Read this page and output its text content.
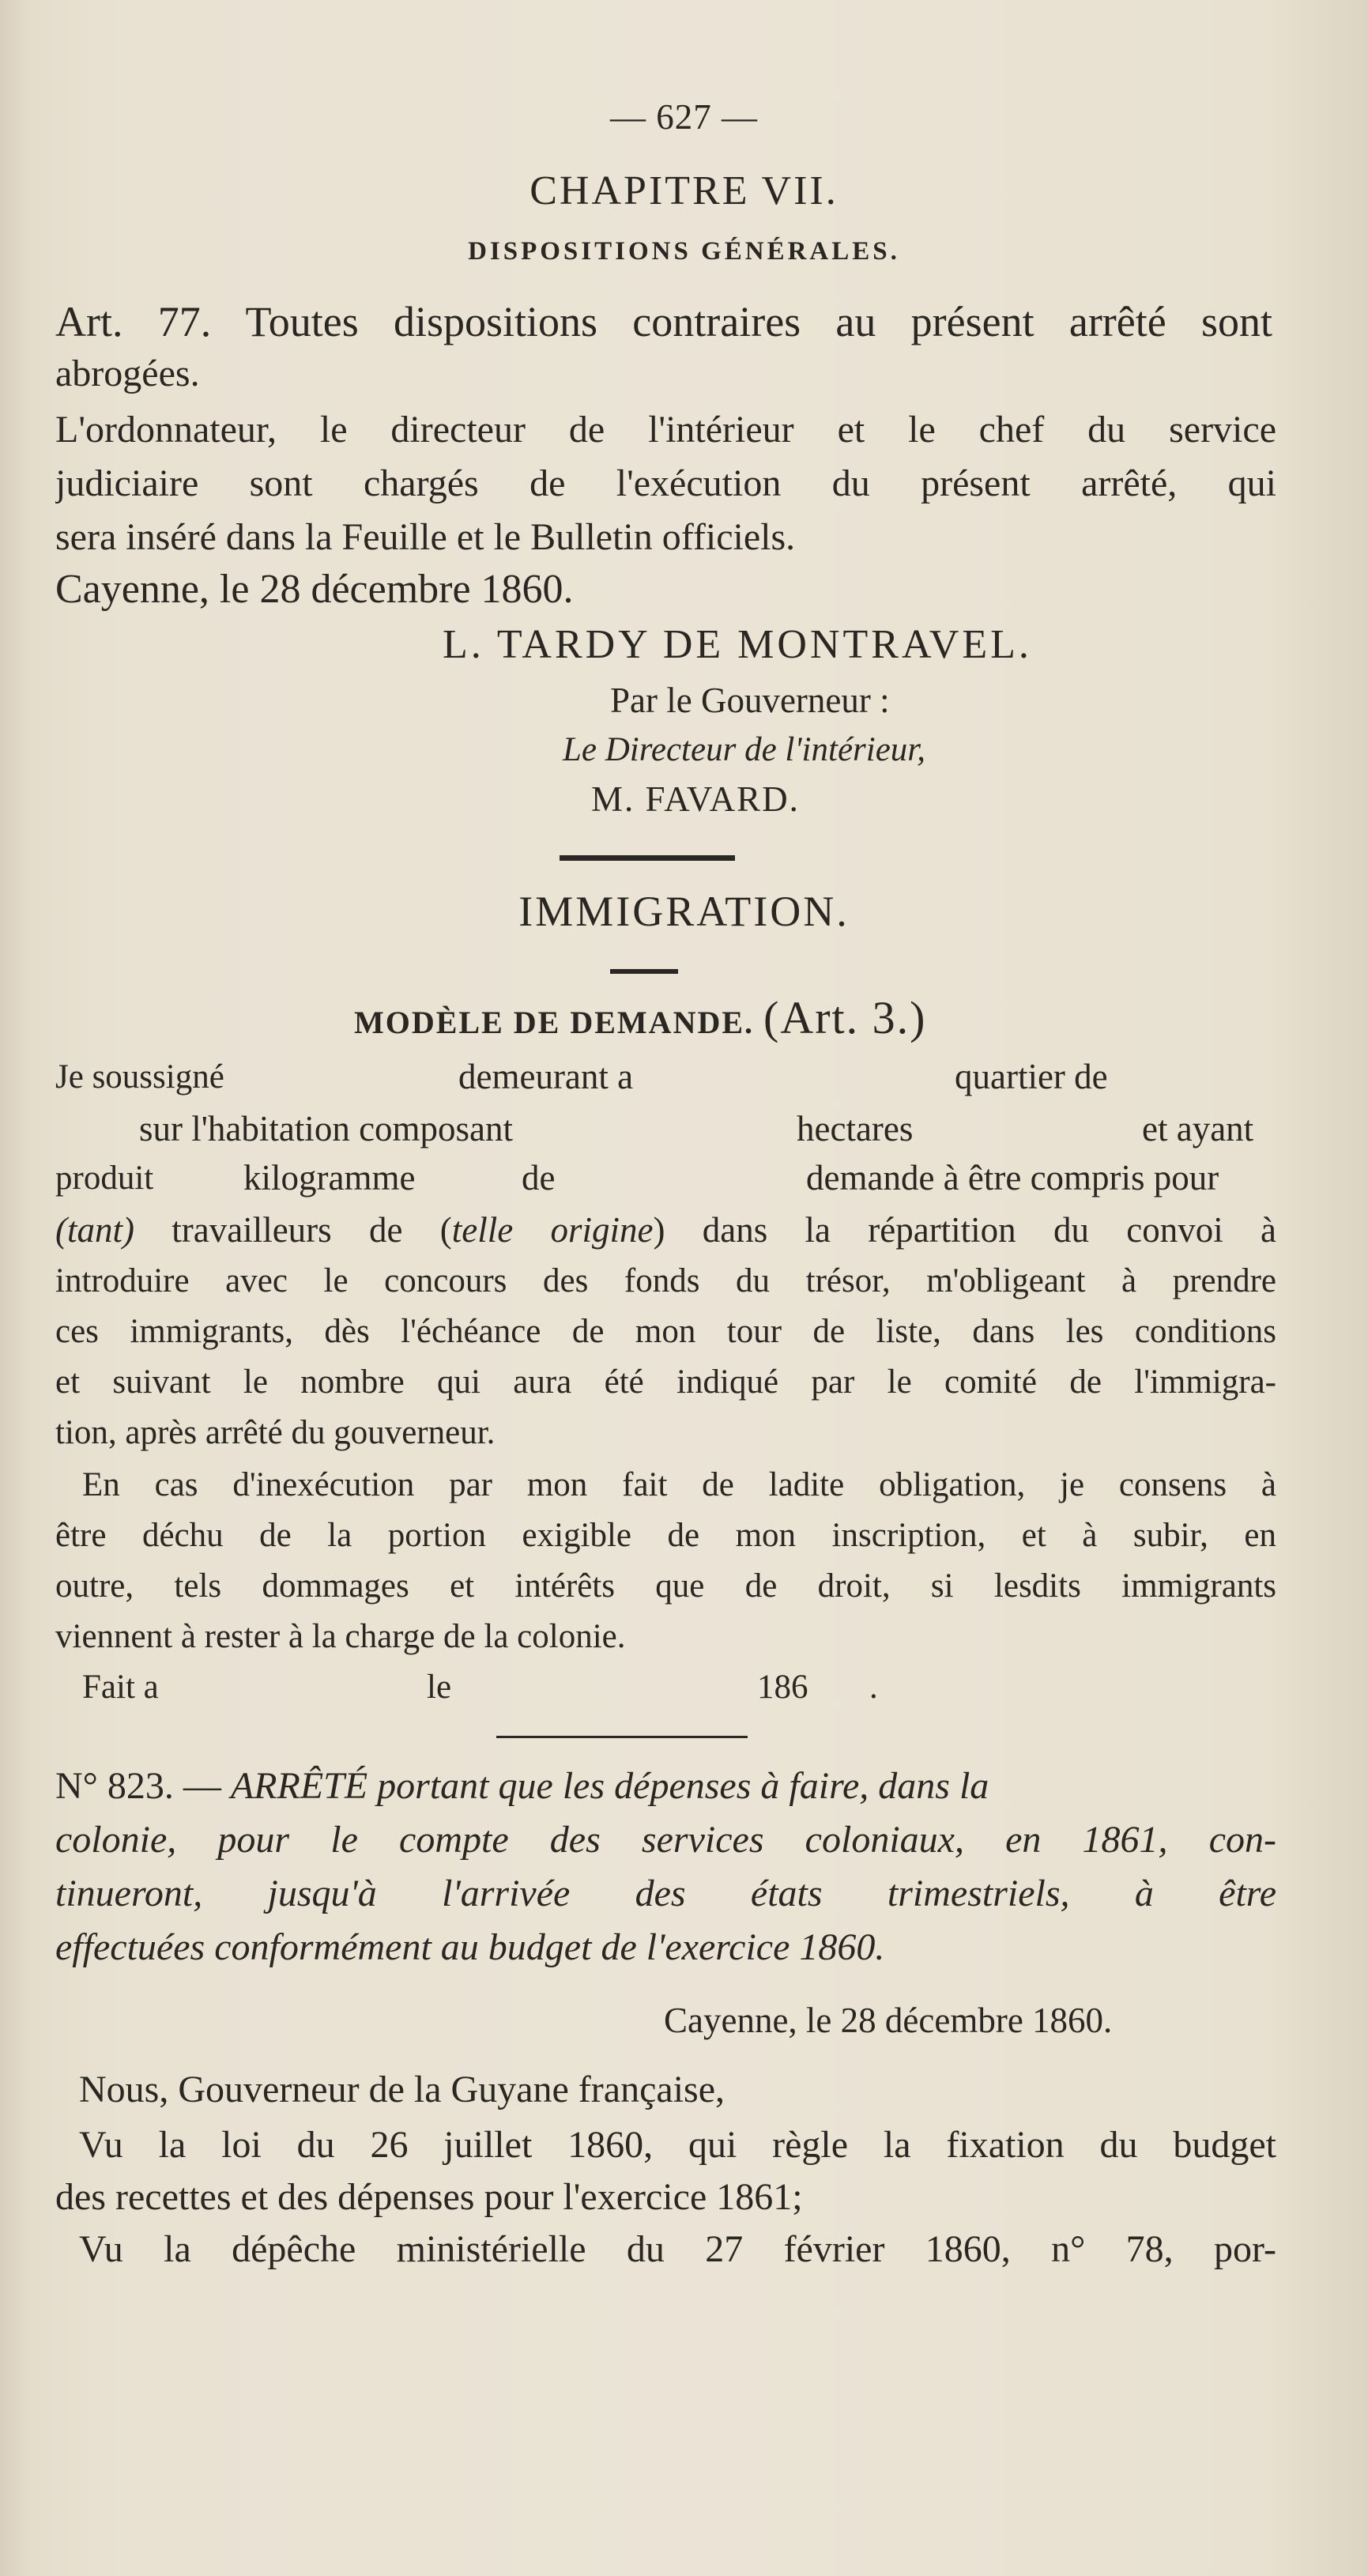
— 627 —
CHAPITRE VII.
DISPOSITIONS GÉNÉRALES.
Art. 77. Toutes dispositions contraires au présent arrêté sont
abrogées.
L'ordonnateur, le directeur de l'intérieur et le chef du service
judiciaire sont chargés de l'exécution du présent arrêté, qui
sera inséré dans la Feuille et le Bulletin officiels.
Cayenne, le 28 décembre 1860.
L. TARDY DE MONTRAVEL.
Par le Gouverneur :
Le Directeur de l'intérieur,
M. FAVARD.
IMMIGRATION.
MODÈLE DE DEMANDE. (Art. 3.)
Je soussigné	demeurant a	quartier de
sur l'habitation composant	hectares	et ayant
produit	kilogramme	de	demande à être compris pour
(tant) travailleurs de (telle origine) dans la répartition du convoi à
introduire avec le concours des fonds du trésor, m'obligeant à prendre
ces immigrants, dès l'échéance de mon tour de liste, dans les conditions
et suivant le nombre qui aura été indiqué par le comité de l'immigra-
tion, après arrêté du gouverneur.
En cas d'inexécution par mon fait de ladite obligation, je consens à
être déchu de la portion exigible de mon inscription, et à subir, en
outre, tels dommages et intérêts que de droit, si lesdits immigrants
viennent à rester à la charge de la colonie.
Fait a	le	186 .
N° 823. — ARRÊTÉ portant que les dépenses à faire, dans la
colonie, pour le compte des services coloniaux, en 1861, con-
tinueront, jusqu'à l'arrivée des états trimestriels, à être
effectuées conformément au budget de l'exercice 1860.
Cayenne, le 28 décembre 1860.
Nous, Gouverneur de la Guyane française,
Vu la loi du 26 juillet 1860, qui règle la fixation du budget
des recettes et des dépenses pour l'exercice 1861;
Vu la dépêche ministérielle du 27 février 1860, n° 78, por-
